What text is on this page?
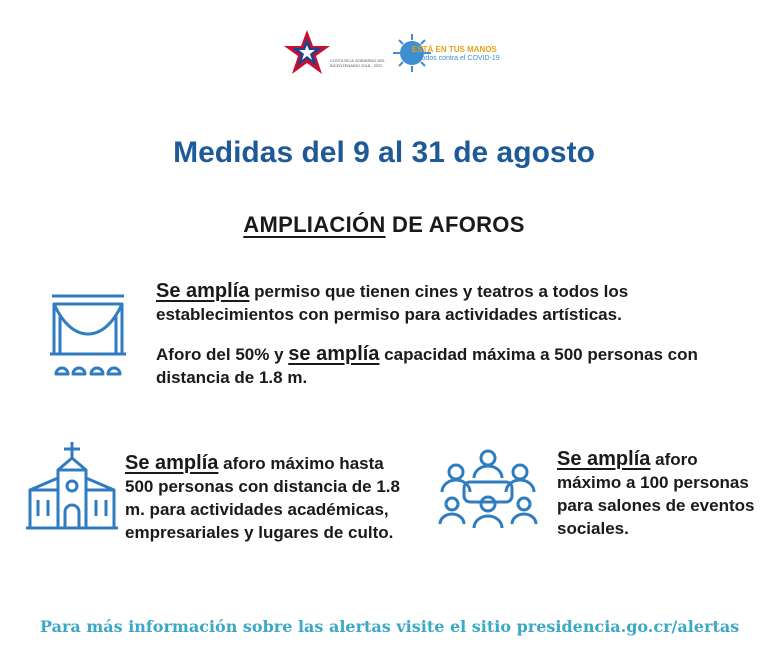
COSTA RICA GOBIERNO DEL BICENTENARIO 2018 - 2022
ESTÁ EN TUS MANOS
Todos contra el COVID-19
Medidas del 9 al 31 de agosto
AMPLIACIÓN DE AFOROS
Se amplía permiso que tienen cines y teatros a todos los establecimientos con permiso para actividades artísticas.
Aforo del 50% y se amplía capacidad máxima a 500 personas con distancia de 1.8 m.
Se amplía aforo máximo hasta 500 personas con distancia de 1.8 m. para actividades académicas, empresariales y lugares de culto.
Se amplía aforo máximo a 100 personas para salones de eventos sociales.
Para más información sobre las alertas visite el sitio presidencia.go.cr/alertas
